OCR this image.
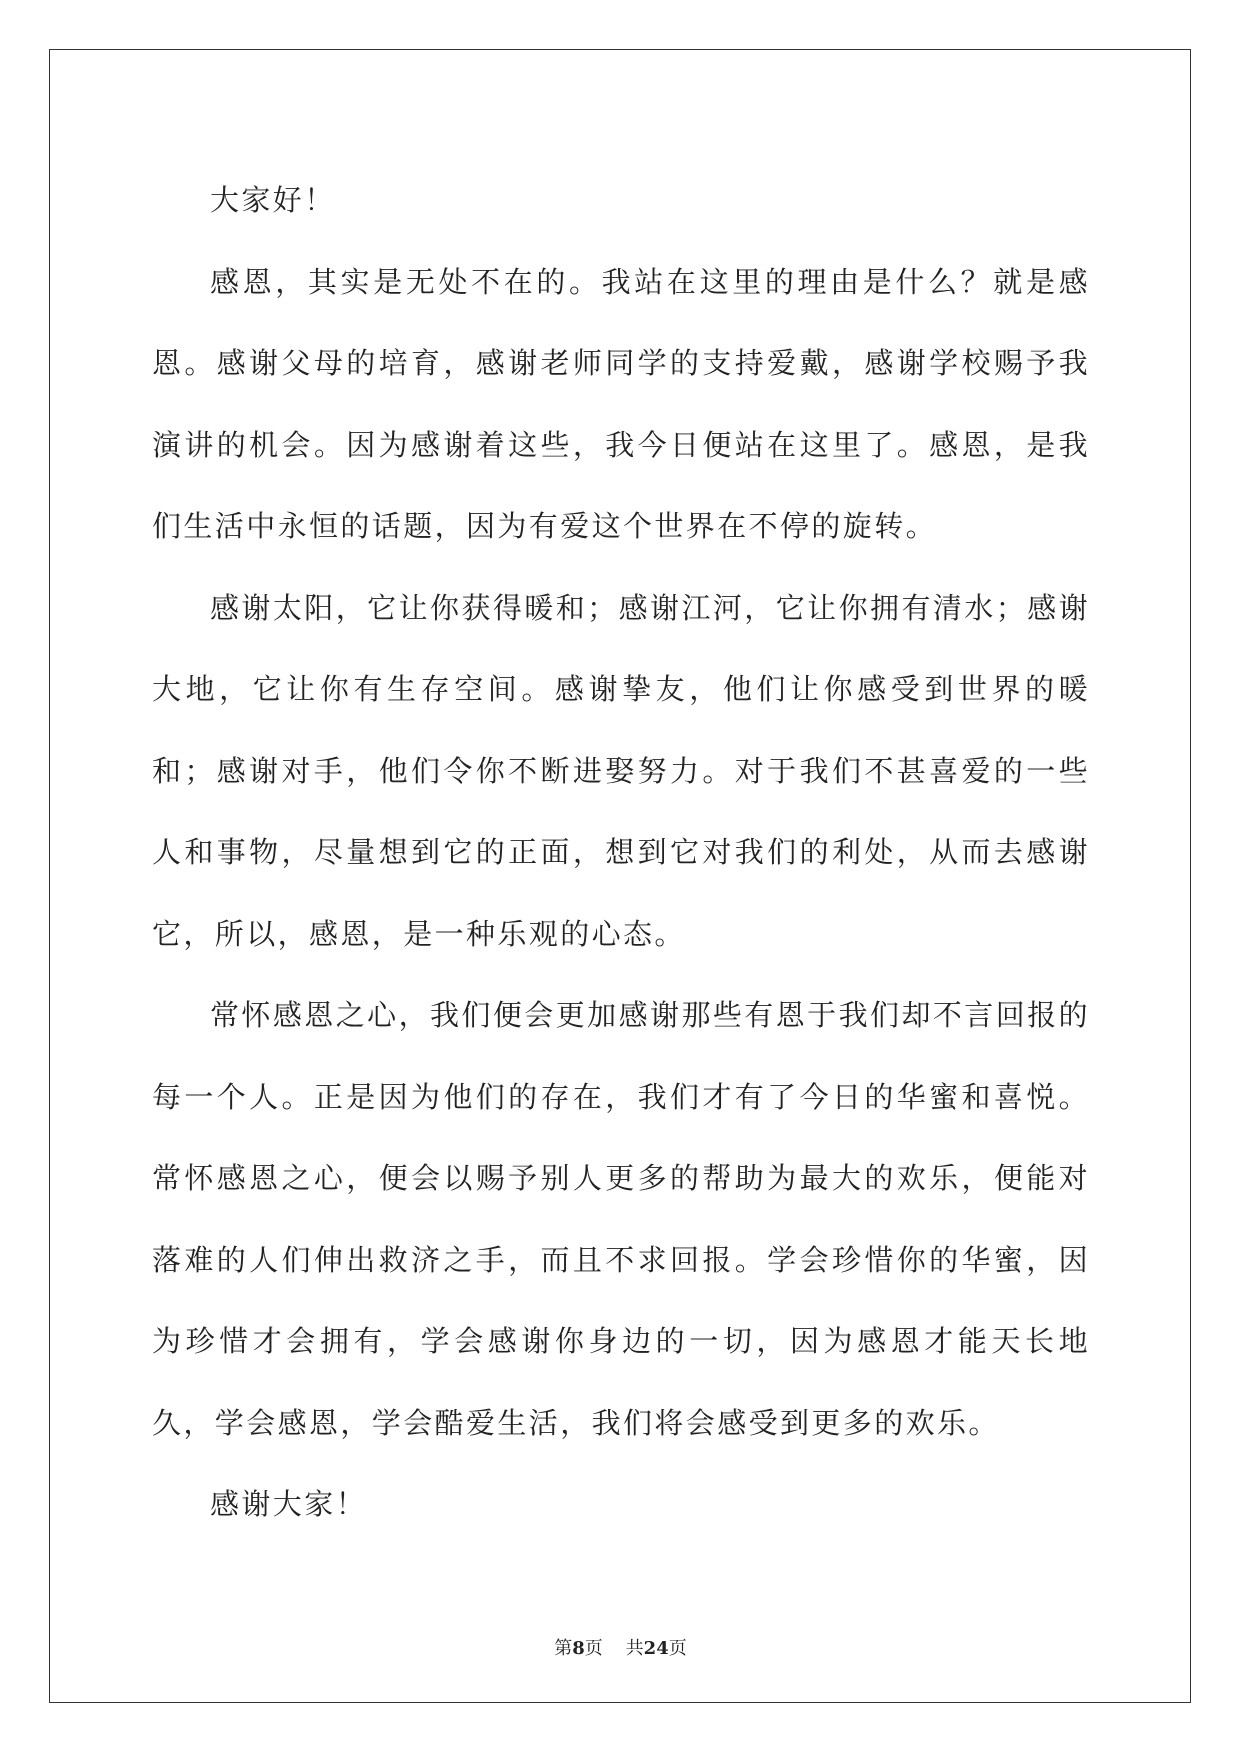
大家好！

感恩，其实是无处不在的。我站在这里的理由是什么？就是感恩。感谢父母的培育，感谢老师同学的支持爱戴，感谢学校赐予我演讲的机会。因为感谢着这些，我今日便站在这里了。感恩，是我们生活中永恒的话题，因为有爱这个世界在不停的旋转。

感谢太阳，它让你获得暖和；感谢江河，它让你拥有清水；感谢大地，它让你有生存空间。感谢挚友，他们让你感受到世界的暖和；感谢对手，他们令你不断进娶努力。对于我们不甚喜爱的一些人和事物，尽量想到它的正面，想到它对我们的利处，从而去感谢它，所以，感恩，是一种乐观的心态。

常怀感恩之心，我们便会更加感谢那些有恩于我们却不言回报的每一个人。正是因为他们的存在，我们才有了今日的华蜜和喜悦。常怀感恩之心，便会以赐予别人更多的帮助为最大的欢乐，便能对落难的人们伸出救济之手，而且不求回报。学会珍惜你的华蜜，因为珍惜才会拥有，学会感谢你身边的一切，因为感恩才能天长地久，学会感恩，学会酷爱生活，我们将会感受到更多的欢乐。

感谢大家！

第8页 共24页
